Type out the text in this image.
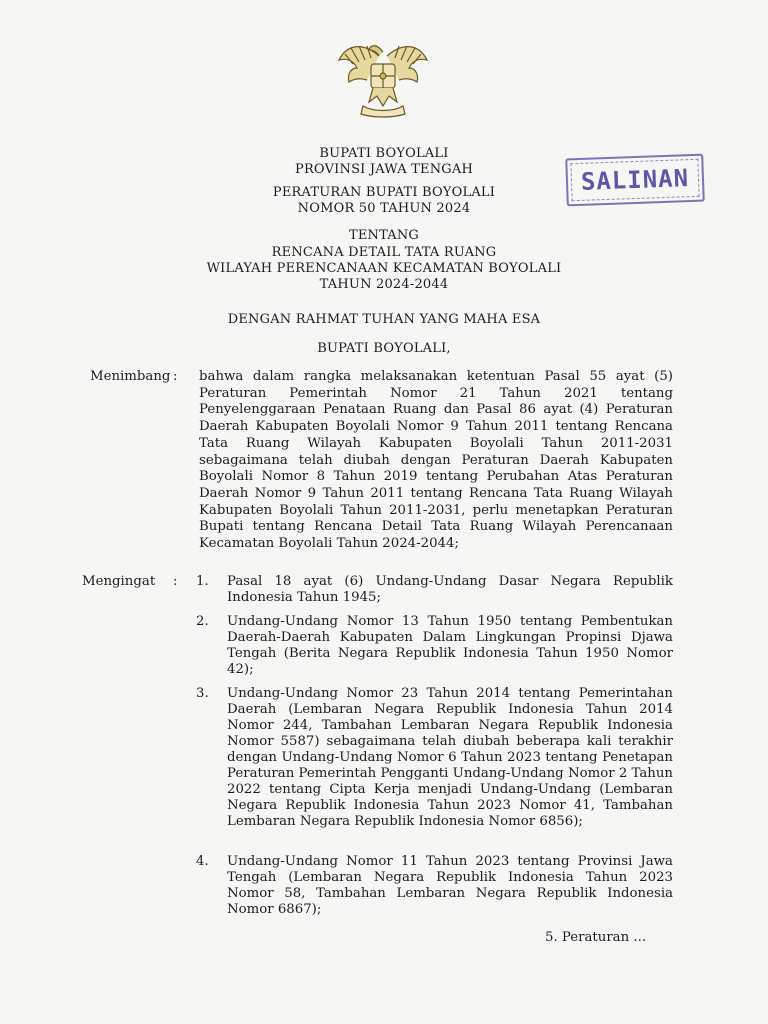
BUPATI BOYOLALI
PROVINSI JAWA TENGAH
PERATURAN BUPATI BOYOLALI
NOMOR 50 TAHUN 2024
TENTANG
RENCANA DETAIL TATA RUANG
WILAYAH PERENCANAAN KECAMATAN BOYOLALI
TAHUN 2024-2044
DENGAN RAHMAT TUHAN YANG MAHA ESA
BUPATI BOYOLALI,
SALINAN
Menimbang : bahwa dalam rangka melaksanakan ketentuan Pasal 55 ayat (5) Peraturan Pemerintah Nomor 21 Tahun 2021 tentang Penyelenggaraan Penataan Ruang dan Pasal 86 ayat (4) Peraturan Daerah Kabupaten Boyolali Nomor 9 Tahun 2011 tentang Rencana Tata Ruang Wilayah Kabupaten Boyolali Tahun 2011-2031 sebagaimana telah diubah dengan Peraturan Daerah Kabupaten Boyolali Nomor 8 Tahun 2019 tentang Perubahan Atas Peraturan Daerah Nomor 9 Tahun 2011 tentang Rencana Tata Ruang Wilayah Kabupaten Boyolali Tahun 2011-2031, perlu menetapkan Peraturan Bupati tentang Rencana Detail Tata Ruang Wilayah Perencanaan Kecamatan Boyolali Tahun 2024-2044;
Mengingat : 1.	Pasal 18 ayat (6) Undang-Undang Dasar Negara Republik Indonesia Tahun 1945;
2.	Undang-Undang Nomor 13 Tahun 1950 tentang Pembentukan Daerah-Daerah Kabupaten Dalam Lingkungan Propinsi Djawa Tengah (Berita Negara Republik Indonesia Tahun 1950 Nomor 42);
3.	Undang-Undang Nomor 23 Tahun 2014 tentang Pemerintahan Daerah (Lembaran Negara Republik Indonesia Tahun 2014 Nomor 244, Tambahan Lembaran Negara Republik Indonesia Nomor 5587) sebagaimana telah diubah beberapa kali terakhir dengan Undang-Undang Nomor 6 Tahun 2023 tentang Penetapan Peraturan Pemerintah Pengganti Undang-Undang Nomor 2 Tahun 2022 tentang Cipta Kerja menjadi Undang-Undang (Lembaran Negara Republik Indonesia Tahun 2023 Nomor 41, Tambahan Lembaran Negara Republik Indonesia Nomor 6856);
4.	Undang-Undang Nomor 11 Tahun 2023 tentang Provinsi Jawa Tengah (Lembaran Negara Republik Indonesia Tahun 2023 Nomor 58, Tambahan Lembaran Negara Republik Indonesia Nomor 6867);
5. Peraturan ...
